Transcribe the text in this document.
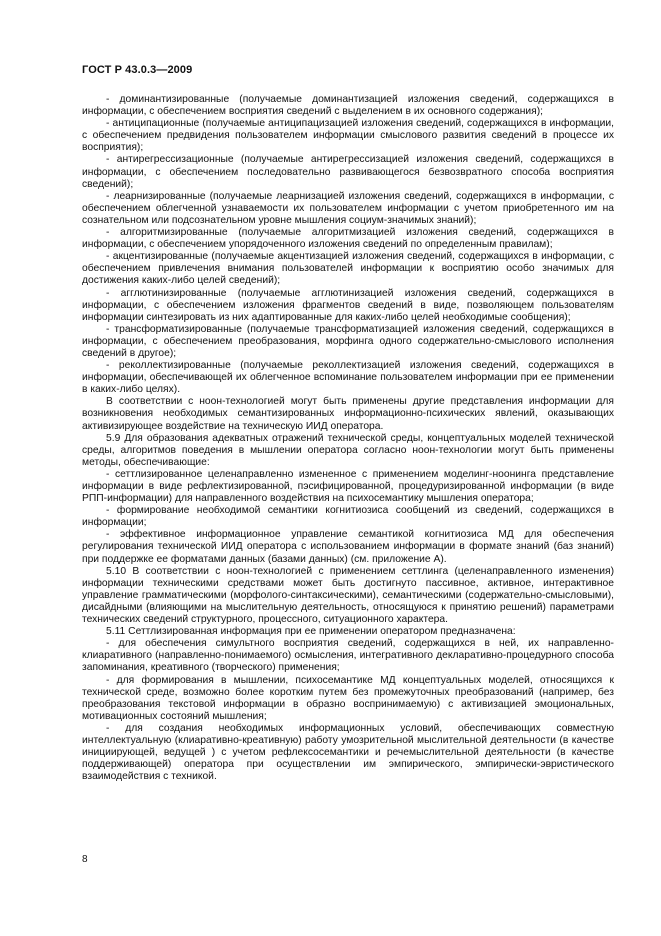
ГОСТ Р 43.0.3—2009

- доминантизированные (получаемые доминантизацией изложения сведений, содержащихся в информации, с обеспечением восприятия сведений с выделением в их основного содержания);

- антиципационные (получаемые антиципацизацией изложения сведений, содержащихся в информации, с обеспечением предвидения пользователем информации смыслового развития сведений в процессе их восприятия);

- антирегрессизационные (получаемые антирегрессизацией изложения сведений, содержащихся в информации, с обеспечением последовательно развивающегося безвозвратного способа восприятия сведений);

- леарнизированные (получаемые леарнизацией изложения сведений, содержащихся в информации, с обеспечением облегченной узнаваемости их пользователем информации с учетом приобретенного им на сознательном или подсознательном уровне мышления социум-значимых знаний);

- алгоритмизированные (получаемые алгоритмизацией изложения сведений, содержащихся в информации, с обеспечением упорядоченного изложения сведений по определенным правилам);

- акцентизированные (получаемые акцентизацией изложения сведений, содержащихся в информации, с обеспечением привлечения внимания пользователей информации к восприятию особо значимых для достижения каких-либо целей сведений);

- агглютинизированные (получаемые агглютинизацией изложения сведений, содержащихся в информации, с обеспечением изложения фрагментов сведений в виде, позволяющем пользователям информации синтезировать из них адаптированные для каких-либо целей необходимые сообщения);

- трансформатизированные (получаемые трансформатизацией изложения сведений, содержащихся в информации, с обеспечением преобразования, морфинга одного содержательно-смыслового исполнения сведений в другое);

- реколлектизированные (получаемые реколлектизацией изложения сведений, содержащихся в информации, обеспечивающей их облегченное вспоминание пользователем информации при ее применении в каких-либо целях).

В соответствии с ноон-технологией могут быть применены другие представления информации для возникновения необходимых семантизированных информационно-психических явлений, оказывающих активизирующее воздействие на техническую ИИД оператора.

5.9 Для образования адекватных отражений технической среды, концептуальных моделей технической среды, алгоритмов поведения в мышлении оператора согласно ноон-технологии могут быть применены методы, обеспечивающие:

- сеттлизированное целенаправленно измененное с применением моделинг-ноонинга представление информации в виде рефлектизированной, пэсифицированной, процедуризированной информации (в виде РПП-информации) для направленного воздействия на психосемантику мышления оператора;

- формирование необходимой семантики когнитиозиса сообщений из сведений, содержащихся в информации;

- эффективное информационное управление семантикой когнитиозиса МД для обеспечения регулирования технической ИИД оператора с использованием информации в формате знаний (баз знаний) при поддержке ее форматами данных (базами данных) (см. приложение А).

5.10 В соответствии с ноон-технологией с применением сеттлинга (целенаправленного изменения) информации техническими средствами может быть достигнуто пассивное, активное, интерактивное управление грамматическими (морфолого-синтаксическими), семантическими (содержательно-смысловыми), дисайдными (влияющими на мыслительную деятельность, относящуюся к принятию решений) параметрами технических сведений структурного, процессного, ситуационного характера.

5.11 Сеттлизированная информация при ее применении оператором предназначена:

- для обеспечения симультного восприятия сведений, содержащихся в ней, их направленно-клиаративного (направленно-понимаемого) осмысления, интегративного декларативно-процедурного способа запоминания, креативного (творческого) применения;

- для формирования в мышлении, психосемантике МД концептуальных моделей, относящихся к технической среде, возможно более коротким путем без промежуточных преобразований (например, без преобразования текстовой информации в образно воспринимаемую) с активизацией эмоциональных, мотивационных состояний мышления;

- для создания необходимых информационных условий, обеспечивающих совместную интеллектуальную (клиаративно-креативную) работу умозрительной мыслительной деятельности (в качестве инициирующей, ведущей ) с учетом рефлексосемантики и речемыслительной деятельности (в качестве поддерживающей) оператора при осуществлении им эмпирического, эмпирически-эвристического взаимодействия с техникой.

8
